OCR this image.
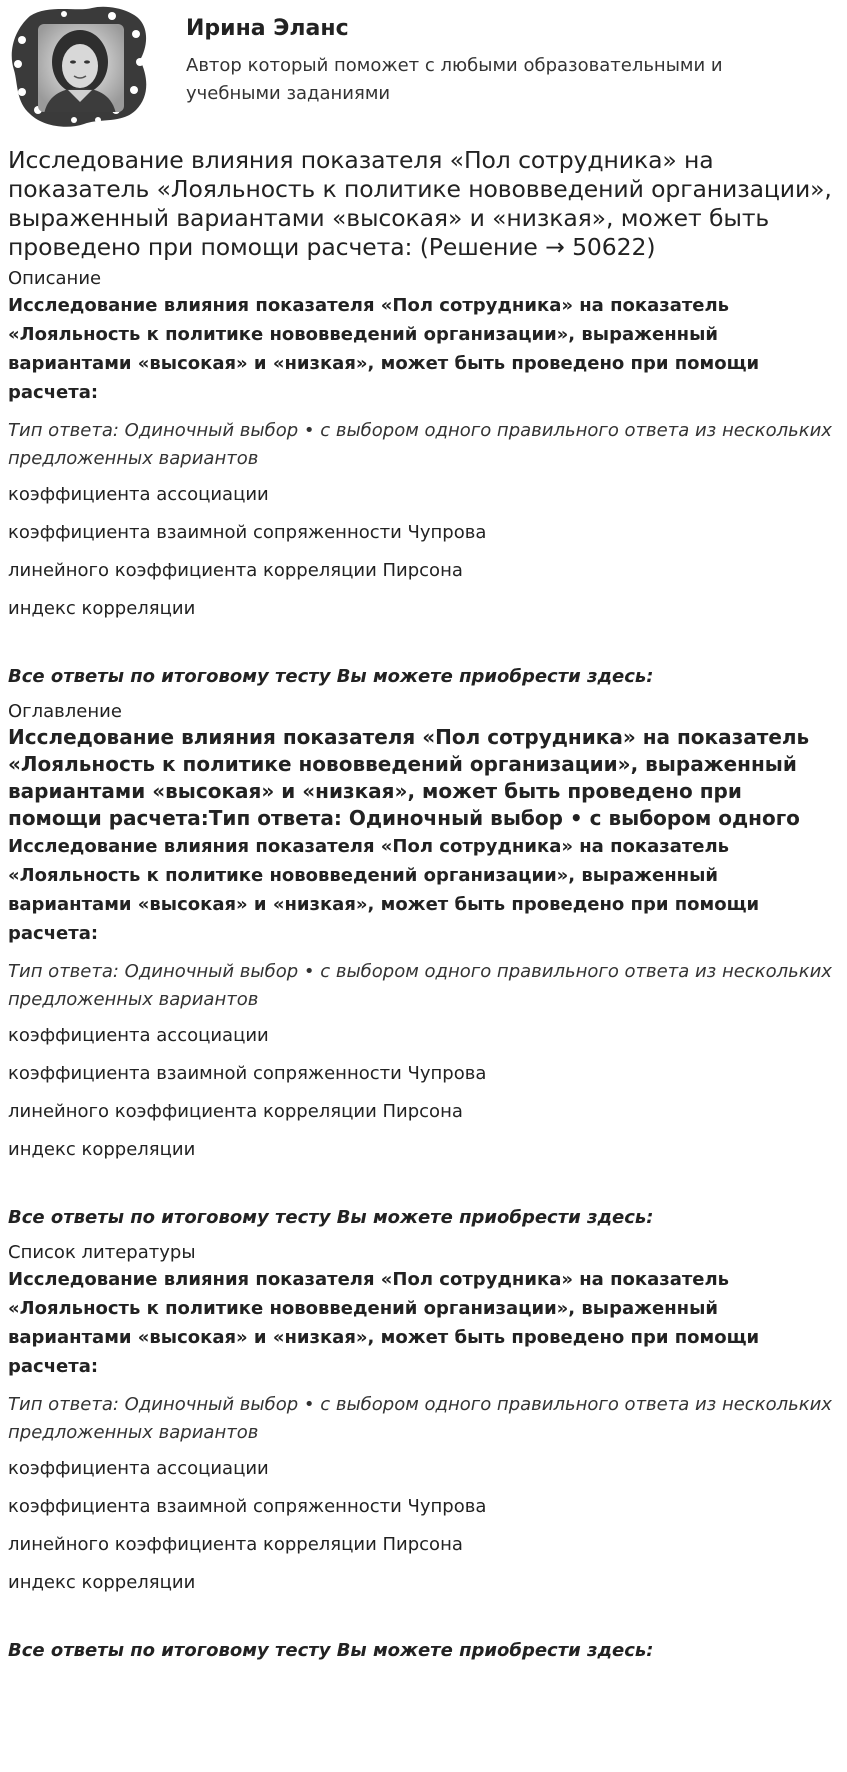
Ирина Эланс
Автор который поможет с любыми образовательными и учебными заданиями
Исследование влияния показателя «Пол сотрудника» на показатель «Лояльность к политике нововведений организации», выраженный вариантами «высокая» и «низкая», может быть проведено при помощи расчета: (Решение → 50622)
Описание
Исследование влияния показателя «Пол сотрудника» на показатель «Лояльность к политике нововведений организации», выраженный вариантами «высокая» и «низкая», может быть проведено при помощи расчета:
Тип ответа: Одиночный выбор • с выбором одного правильного ответа из нескольких предложенных вариантов
коэффициента ассоциации
коэффициента взаимной сопряженности Чупрова
линейного коэффициента корреляции Пирсона
индекс корреляции
Все ответы по итоговому тесту Вы можете приобрести здесь:
Оглавление
Исследование влияния показателя «Пол сотрудника» на показатель «Лояльность к политике нововведений организации», выраженный вариантами «высокая» и «низкая», может быть проведено при помощи расчета:Тип ответа: Одиночный выбор • с выбором одного
Исследование влияния показателя «Пол сотрудника» на показатель «Лояльность к политике нововведений организации», выраженный вариантами «высокая» и «низкая», может быть проведено при помощи расчета:
Тип ответа: Одиночный выбор • с выбором одного правильного ответа из нескольких предложенных вариантов
коэффициента ассоциации
коэффициента взаимной сопряженности Чупрова
линейного коэффициента корреляции Пирсона
индекс корреляции
Все ответы по итоговому тесту Вы можете приобрести здесь:
Список литературы
Исследование влияния показателя «Пол сотрудника» на показатель «Лояльность к политике нововведений организации», выраженный вариантами «высокая» и «низкая», может быть проведено при помощи расчета:
Тип ответа: Одиночный выбор • с выбором одного правильного ответа из нескольких предложенных вариантов
коэффициента ассоциации
коэффициента взаимной сопряженности Чупрова
линейного коэффициента корреляции Пирсона
индекс корреляции
Все ответы по итоговому тесту Вы можете приобрести здесь:
